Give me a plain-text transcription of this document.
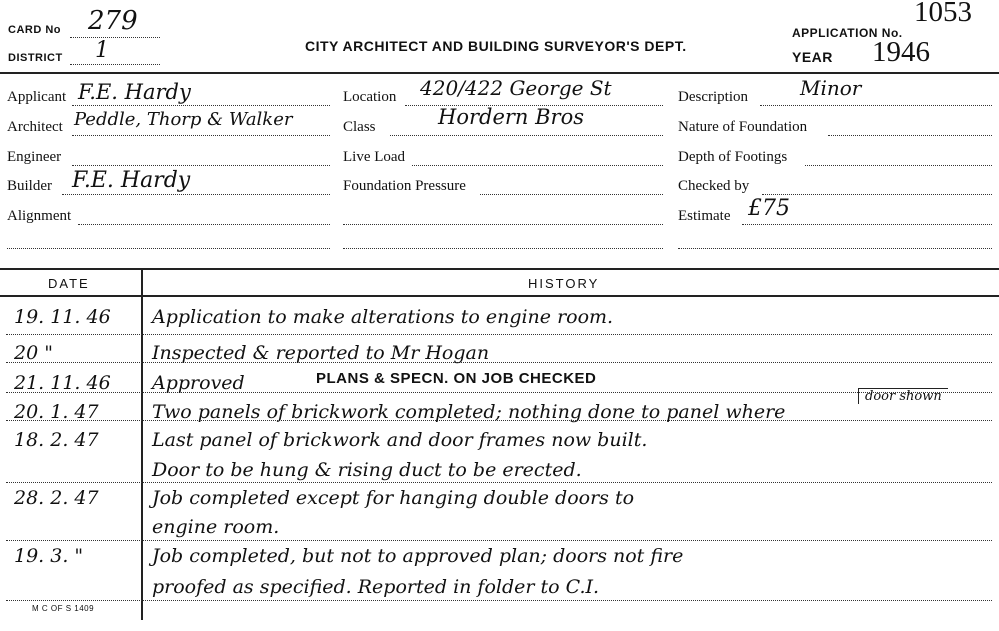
CARD No 279
DISTRICT 1	CITY ARCHITECT AND BUILDING SURVEYOR'S DEPT.
APPLICATION No.
1053
YEAR 1946
Applicant F.E. Hardy
Architect Peddle, Thorp & Walker
Engineer
Builder F.E. Hardy
Alignment
Location 420/422 George St
Class	Hordern Bros
Live Load
Foundation Pressure
Description	Minor
Nature of Foundation
Depth of Footings
Checked by
Estimate £75
DATE	HISTORY
19. 11. 46 Application to make alterations to engine room.
20 "	Inspected & reported to Mr Hogan
21. 11. 46 Approved
20. 1. 47	Two panels of brickwork completed; nothing done to panel where
18. 2. 47	Last panel of brickwork and door frames now built.
Door to be hung & rising duct to be erected.
28. 2. 47	Job completed except for hanging double doors to
engine room.
19. 3. "	Job completed, but not to approved plan; doors not fire
proofed as specified. Reported in folder to C.I.
PLANS & SPECN. ON JOB CHECKED
door shown
M C OF S 1409
